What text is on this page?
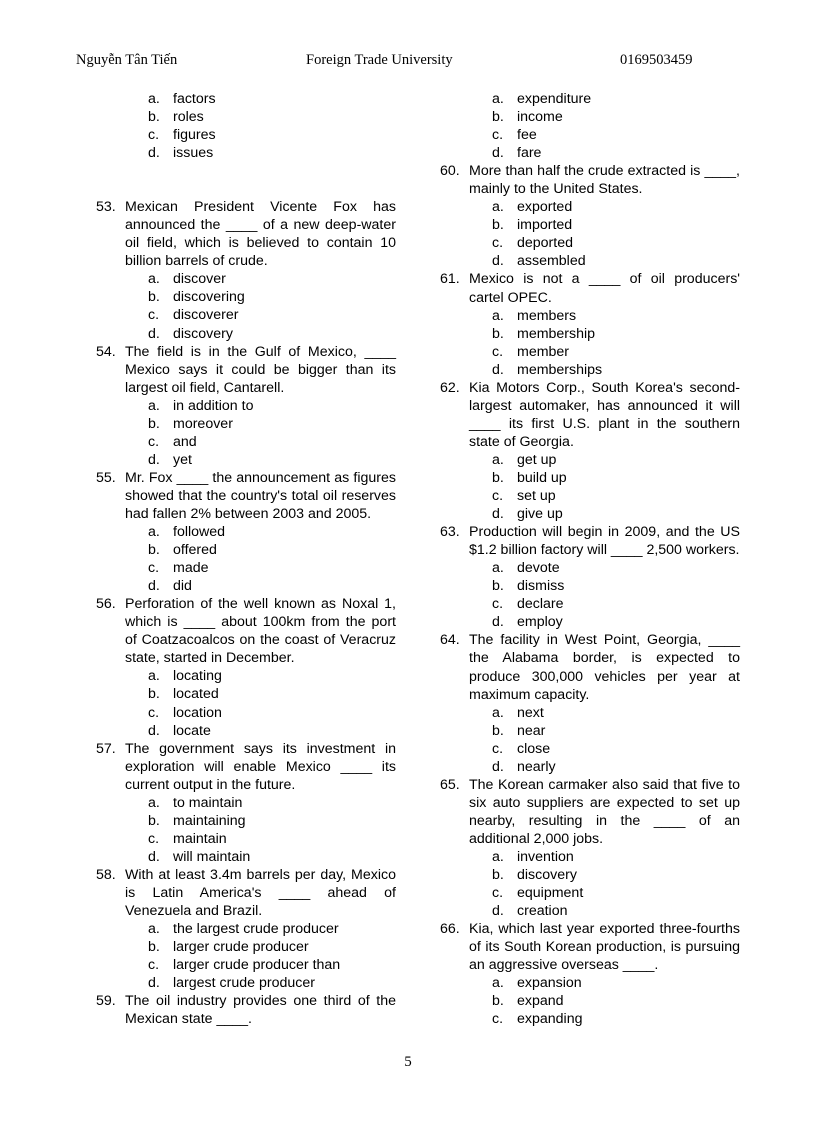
Nguyễn Tân Tiến	Foreign Trade University	0169503459
a. factors
b. roles
c. figures
d. issues
53. Mexican President Vicente Fox has announced the ____ of a new deep-water oil field, which is believed to contain 10 billion barrels of crude.
a. discover
b. discovering
c. discoverer
d. discovery
54. The field is in the Gulf of Mexico, ____ Mexico says it could be bigger than its largest oil field, Cantarell.
a. in addition to
b. moreover
c. and
d. yet
55. Mr. Fox ____ the announcement as figures showed that the country's total oil reserves had fallen 2% between 2003 and 2005.
a. followed
b. offered
c. made
d. did
56. Perforation of the well known as Noxal 1, which is ____ about 100km from the port of Coatzacoalcos on the coast of Veracruz state, started in December.
a. locating
b. located
c. location
d. locate
57. The government says its investment in exploration will enable Mexico ____ its current output in the future.
a. to maintain
b. maintaining
c. maintain
d. will maintain
58. With at least 3.4m barrels per day, Mexico is Latin America's ____ ahead of Venezuela and Brazil.
a. the largest crude producer
b. larger crude producer
c. larger crude producer than
d. largest crude producer
59. The oil industry provides one third of the Mexican state ____.
a. expenditure
b. income
c. fee
d. fare
60. More than half the crude extracted is ____, mainly to the United States.
a. exported
b. imported
c. deported
d. assembled
61. Mexico is not a ____ of oil producers' cartel OPEC.
a. members
b. membership
c. member
d. memberships
62. Kia Motors Corp., South Korea's second-largest automaker, has announced it will ____ its first U.S. plant in the southern state of Georgia.
a. get up
b. build up
c. set up
d. give up
63. Production will begin in 2009, and the US $1.2 billion factory will ____ 2,500 workers.
a. devote
b. dismiss
c. declare
d. employ
64. The facility in West Point, Georgia, ____ the Alabama border, is expected to produce 300,000 vehicles per year at maximum capacity.
a. next
b. near
c. close
d. nearly
65. The Korean carmaker also said that five to six auto suppliers are expected to set up nearby, resulting in the ____ of an additional 2,000 jobs.
a. invention
b. discovery
c. equipment
d. creation
66. Kia, which last year exported three-fourths of its South Korean production, is pursuing an aggressive overseas ____.
a. expansion
b. expand
c. expanding
5
